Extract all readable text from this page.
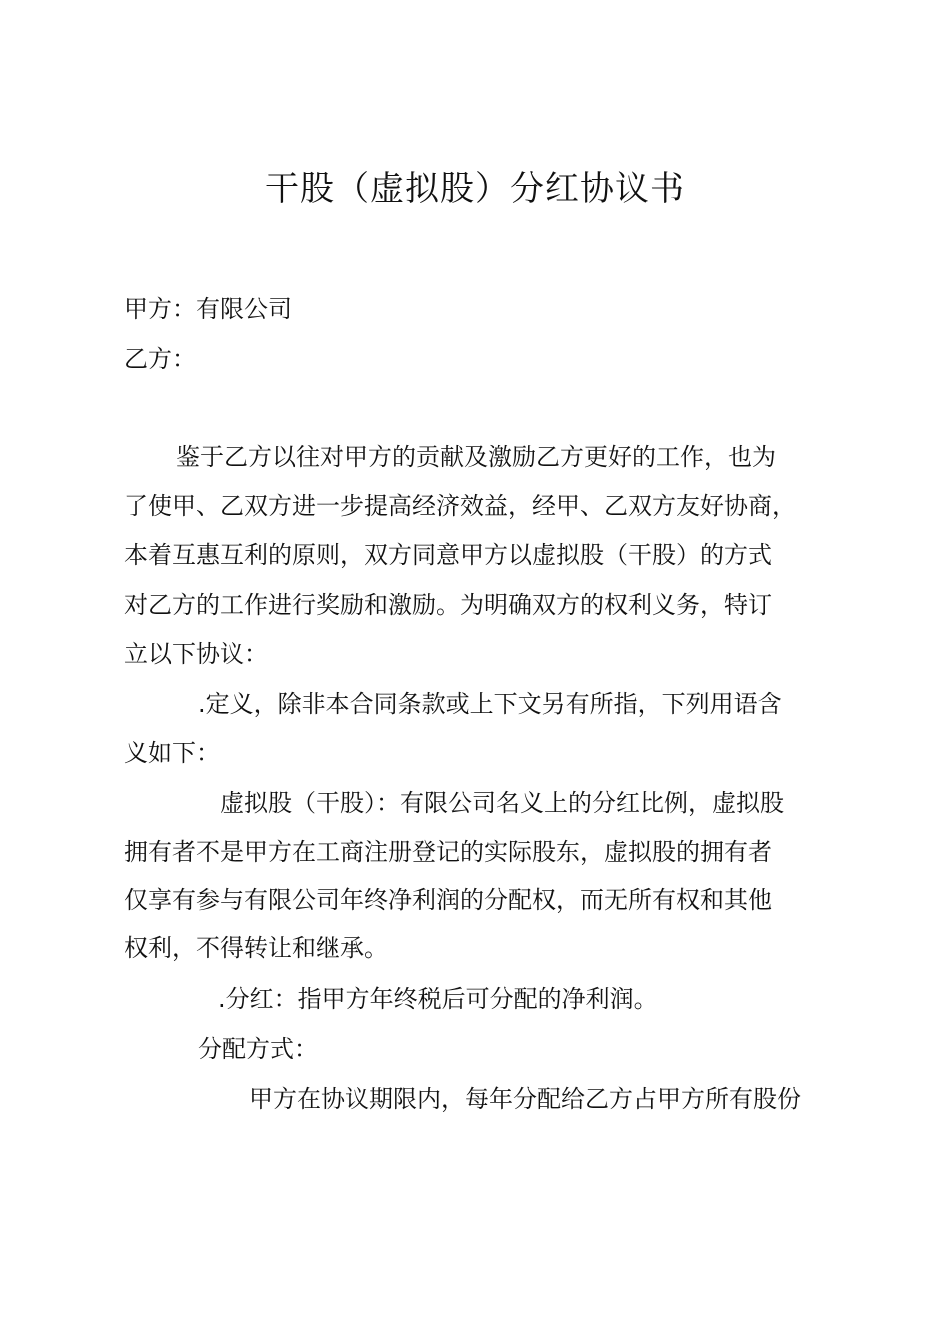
干股（虚拟股）分红协议书
甲方：有限公司
乙方：
鉴于乙方以往对甲方的贡献及激励乙方更好的工作，也为
了使甲、乙双方进一步提高经济效益，经甲、乙双方友好协商，
本着互惠互利的原则，双方同意甲方以虚拟股（干股）的方式
对乙方的工作进行奖励和激励。为明确双方的权利义务，特订
立以下协议：
.定义，除非本合同条款或上下文另有所指，下列用语含
义如下：
虚拟股（干股）：有限公司名义上的分红比例，虚拟股
拥有者不是甲方在工商注册登记的实际股东，虚拟股的拥有者
仅享有参与有限公司年终净利润的分配权，而无所有权和其他
权利，不得转让和继承。
.分红：指甲方年终税后可分配的净利润。
分配方式：
甲方在协议期限内，每年分配给乙方占甲方所有股份
